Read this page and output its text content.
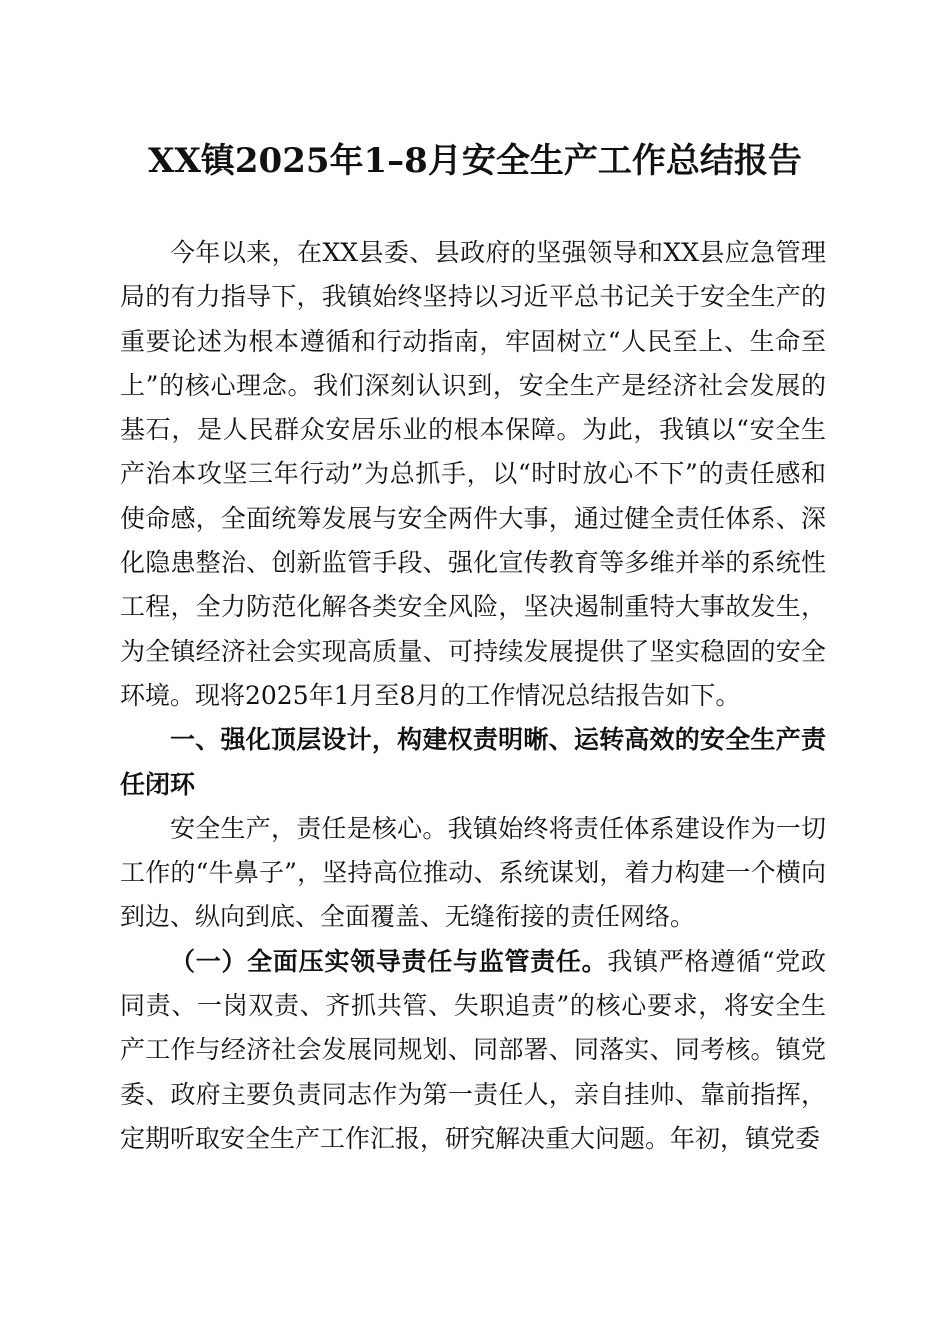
XX镇2025年1–8月安全生产工作总结报告

今年以来，在XX县委、县政府的坚强领导和XX县应急管理局的有力指导下，我镇始终坚持以习近平总书记关于安全生产的重要论述为根本遵循和行动指南，牢固树立“人民至上、生命至上”的核心理念。我们深刻认识到，安全生产是经济社会发展的基石，是人民群众安居乐业的根本保障。为此，我镇以“安全生产治本攻坚三年行动”为总抓手，以“时时放心不下”的责任感和使命感，全面统筹发展与安全两件大事，通过健全责任体系、深化隐患整治、创新监管手段、强化宣传教育等多维并举的系统性工程，全力防范化解各类安全风险，坚决遏制重特大事故发生，为全镇经济社会实现高质量、可持续发展提供了坚实稳固的安全环境。现将2025年1月至8月的工作情况总结报告如下。

一、强化顶层设计，构建权责明晰、运转高效的安全生产责任闭环

安全生产，责任是核心。我镇始终将责任体系建设作为一切工作的“牛鼻子”，坚持高位推动、系统谋划，着力构建一个横向到边、纵向到底、全面覆盖、无缝衔接的责任网络。

（一）全面压实领导责任与监管责任。我镇严格遵循“党政同责、一岗双责、齐抓共管、失职追责”的核心要求，将安全生产工作与经济社会发展同规划、同部署、同落实、同考核。镇党委、政府主要负责同志作为第一责任人，亲自挂帅、靠前指挥，定期听取安全生产工作汇报，研究解决重大问题。年初，镇党委
